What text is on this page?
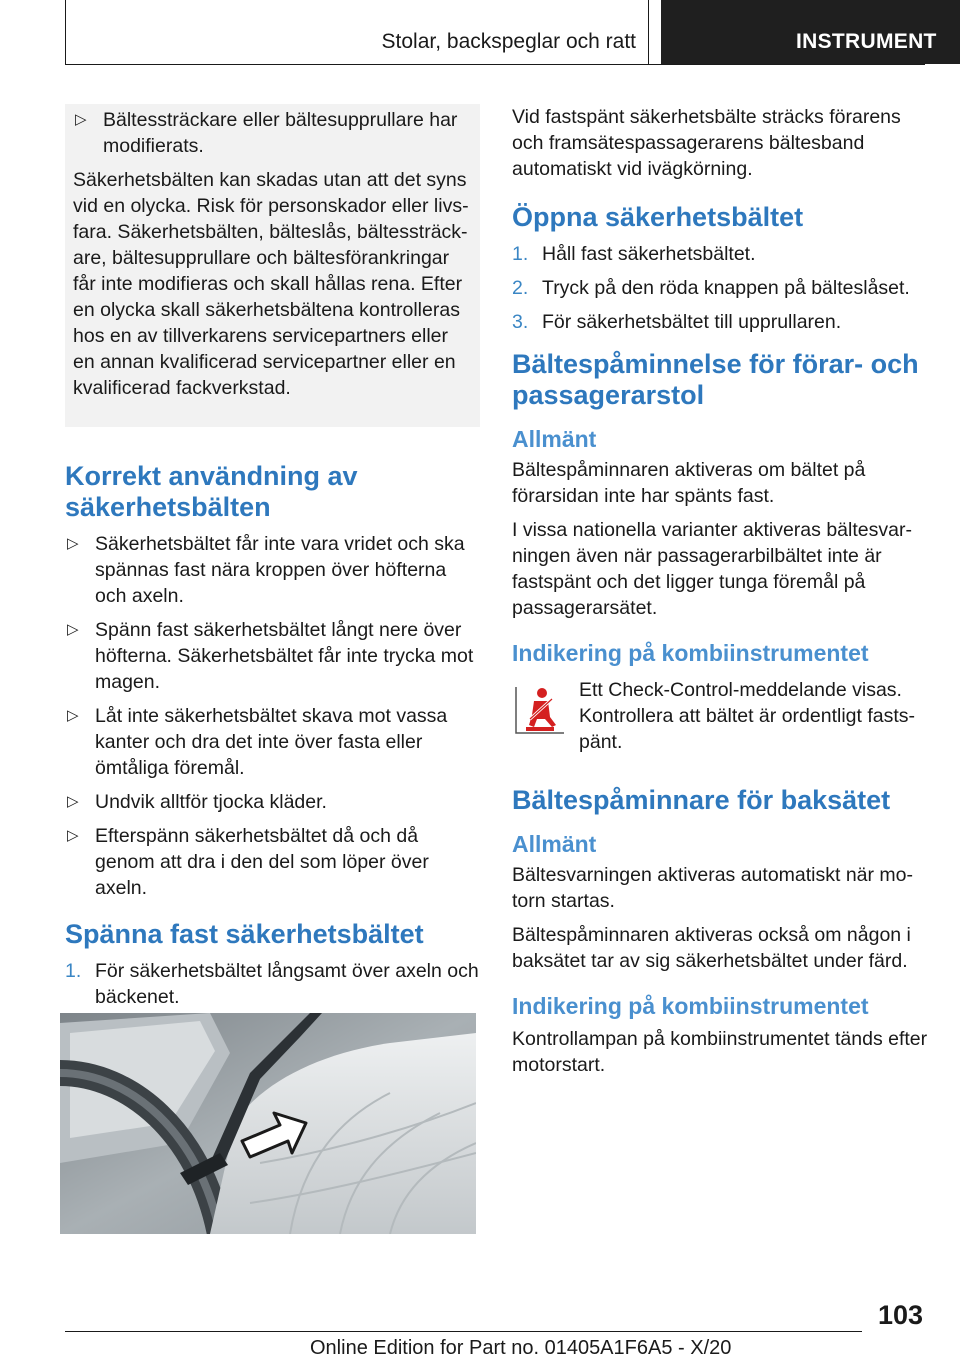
Stolar, backspeglar och ratt	INSTRUMENT
▷ Bältessträckare eller bältesupprullare har modifierats.

Säkerhetsbälten kan skadas utan att det syns vid en olycka. Risk för personskador eller livsfara. Säkerhetsbälten, bälteslås, bältessträckare, bältesupprullare och bältesförankringar får inte modifieras och skall hållas rena. Efter en olycka skall säkerhetsbältena kontrolleras hos en av tillverkarens servicepartners eller en annan kvalificerad servicepartner eller en kvalificerad fackverkstad.

Korrekt användning av säkerhetsbälten
▷ Säkerhetsbältet får inte vara vridet och ska spännas fast nära kroppen över höfterna och axeln.
▷ Spänn fast säkerhetsbältet långt nere över höfterna. Säkerhetsbältet får inte trycka mot magen.
▷ Låt inte säkerhetsbältet skava mot vassa kanter och dra det inte över fasta eller ömtåliga föremål.
▷ Undvik alltför tjocka kläder.
▷ Efterspänn säkerhetsbältet då och då genom att dra i den del som löper över axeln.
Spänna fast säkerhetsbältet
1. För säkerhetsbältet långsamt över axeln och bäckenet.

Vid fastspänt säkerhetsbälte sträcks förarens och framsätespassagerarens bältesband automatiskt vid ivägkörning.

Öppna säkerhetsbältet
1. Håll fast säkerhetsbältet.
2. Tryck på den röda knappen på bälteslåset.
3. För säkerhetsbältet till upprullaren.
Bältespåminnelse för förar- och passagerarstol
Allmänt

Bältespåminnaren aktiveras om bältet på förarsidan inte har spänts fast.

I vissa nationella varianter aktiveras bältesvarningen även när passagerarbilbältet inte är fastspänt och det ligger tunga föremål på passagerarsätet.

Indikering på kombiinstrumentet
Ett Check-Control-meddelande visas. Kontrollera att bältet är ordentligt fastspänt.
Bältespåminnare för baksätet
Allmänt

Bältesvarningen aktiveras automatiskt när motorn startas.

Bältespåminnaren aktiveras också om någon i baksätet tar av sig säkerhetsbältet under färd.

Indikering på kombiinstrumentet

Kontrollampan på kombiinstrumentet tänds efter motorstart.

103
Online Edition for Part no. 01405A1F6A5 - X/20
